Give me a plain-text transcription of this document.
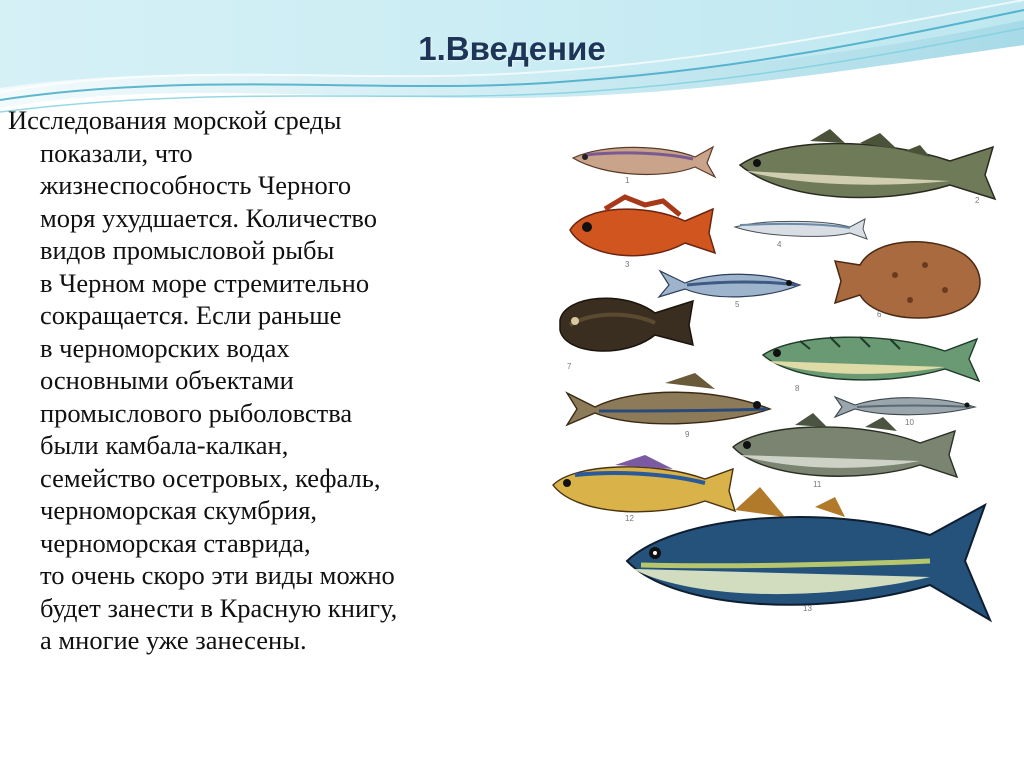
1.Введение
Исследования морской среды
показали, что
жизнеспособность Черного
моря ухудшается. Количество
видов промысловой рыбы
в Черном море стремительно
сокращается. Если раньше
в черноморских водах
основными объектами
промыслового рыболовства
были камбала-калкан,
семейство осетровых, кефаль,
черноморская скумбрия,
черноморская ставрида,
то очень скоро эти виды можно
будет занести в Красную книгу,
а многие уже занесены.
1
2
3
4
5
6
7
8
9
10
11
12
13
